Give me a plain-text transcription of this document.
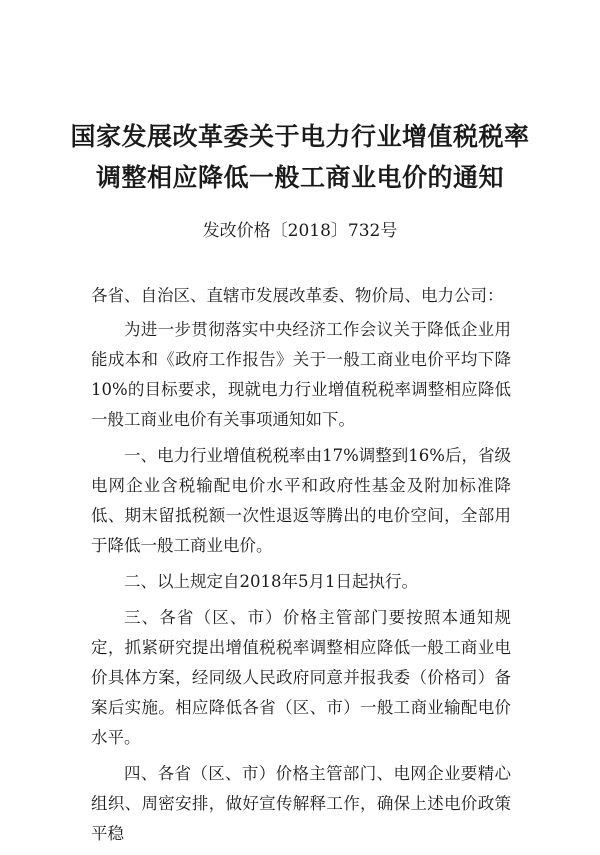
国家发展改革委关于电力行业增值税税率
调整相应降低一般工商业电价的通知
发改价格〔2018〕732号

各省、自治区、直辖市发展改革委、物价局、电力公司：

为进一步贯彻落实中央经济工作会议关于降低企业用能成本和《政府工作报告》关于一般工商业电价平均下降10%的目标要求，现就电力行业增值税税率调整相应降低一般工商业电价有关事项通知如下。

一、电力行业增值税税率由17%调整到16%后，省级电网企业含税输配电价水平和政府性基金及附加标准降低、期末留抵税额一次性退返等腾出的电价空间，全部用于降低一般工商业电价。

二、以上规定自2018年5月1日起执行。

三、各省（区、市）价格主管部门要按照本通知规定，抓紧研究提出增值税税率调整相应降低一般工商业电价具体方案，经同级人民政府同意并报我委（价格司）备案后实施。相应降低各省（区、市）一般工商业输配电价水平。

四、各省（区、市）价格主管部门、电网企业要精心组织、周密安排，做好宣传解释工作，确保上述电价政策平稳
